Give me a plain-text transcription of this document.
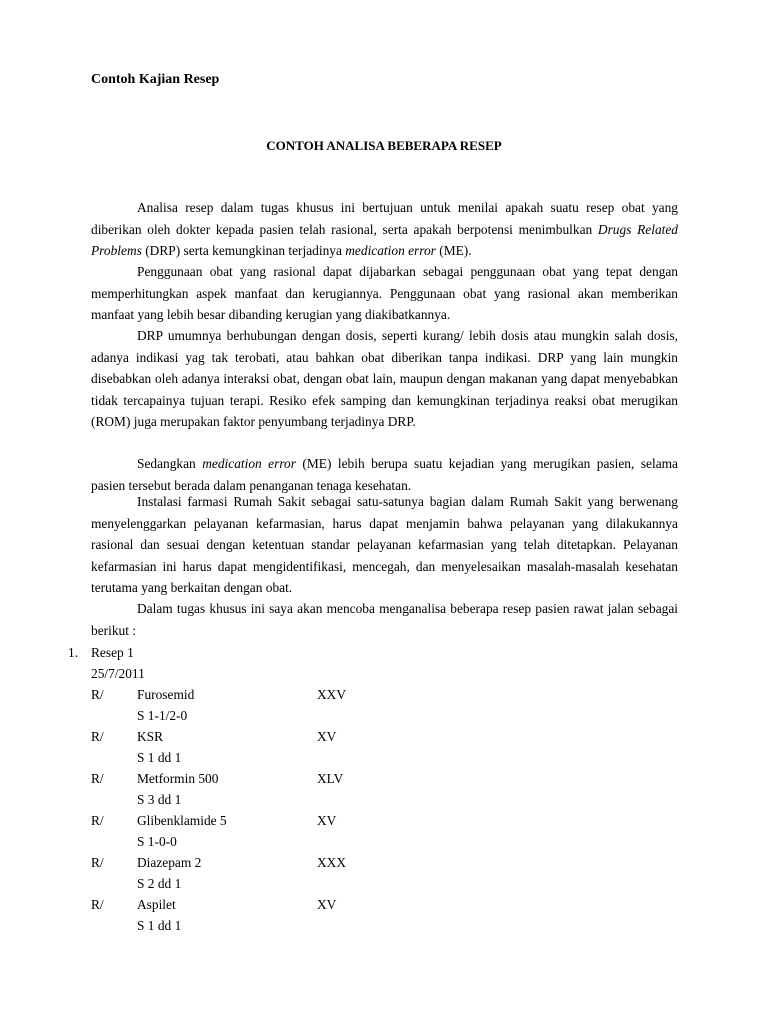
Contoh Kajian Resep
CONTOH ANALISA BEBERAPA RESEP

Analisa resep dalam tugas khusus ini bertujuan untuk menilai apakah suatu resep obat yang diberikan oleh dokter kepada pasien telah rasional, serta apakah berpotensi menimbulkan Drugs Related Problems (DRP) serta kemungkinan terjadinya medication error (ME).

Penggunaan obat yang rasional dapat dijabarkan sebagai penggunaan obat yang tepat dengan memperhitungkan aspek manfaat dan kerugiannya. Penggunaan obat yang rasional akan memberikan manfaat yang lebih besar dibanding kerugian yang diakibatkannya.

DRP umumnya berhubungan dengan dosis, seperti kurang/ lebih dosis atau mungkin salah dosis, adanya indikasi yag tak terobati, atau bahkan obat diberikan tanpa indikasi. DRP yang lain mungkin disebabkan oleh adanya interaksi obat, dengan obat lain, maupun dengan makanan yang dapat menyebabkan tidak tercapainya tujuan terapi. Resiko efek samping dan kemungkinan terjadinya reaksi obat merugikan (ROM) juga merupakan faktor penyumbang terjadinya DRP.

Sedangkan medication error (ME) lebih berupa suatu kejadian yang merugikan pasien, selama pasien tersebut berada dalam penanganan tenaga kesehatan.

Instalasi farmasi Rumah Sakit sebagai satu-satunya bagian dalam Rumah Sakit yang berwenang menyelenggarkan pelayanan kefarmasian, harus dapat menjamin bahwa pelayanan yang dilakukannya rasional dan sesuai dengan ketentuan standar pelayanan kefarmasian yang telah ditetapkan. Pelayanan kefarmasian ini harus dapat mengidentifikasi, mencegah, dan menyelesaikan masalah-masalah kesehatan terutama yang berkaitan dengan obat.

Dalam tugas khusus ini saya akan mencoba menganalisa beberapa resep pasien rawat jalan sebagai berikut :

1. Resep 1
25/7/2011
R/ Furosemid	XXV
S 1-1/2-0
R/ KSR	XV
S 1 dd 1
R/ Metformin 500	XLV
S 3 dd 1
R/ Glibenklamide 5	XV
S 1-0-0
R/ Diazepam 2	XXX
S 2 dd 1
R/ Aspilet	XV
S 1 dd 1
